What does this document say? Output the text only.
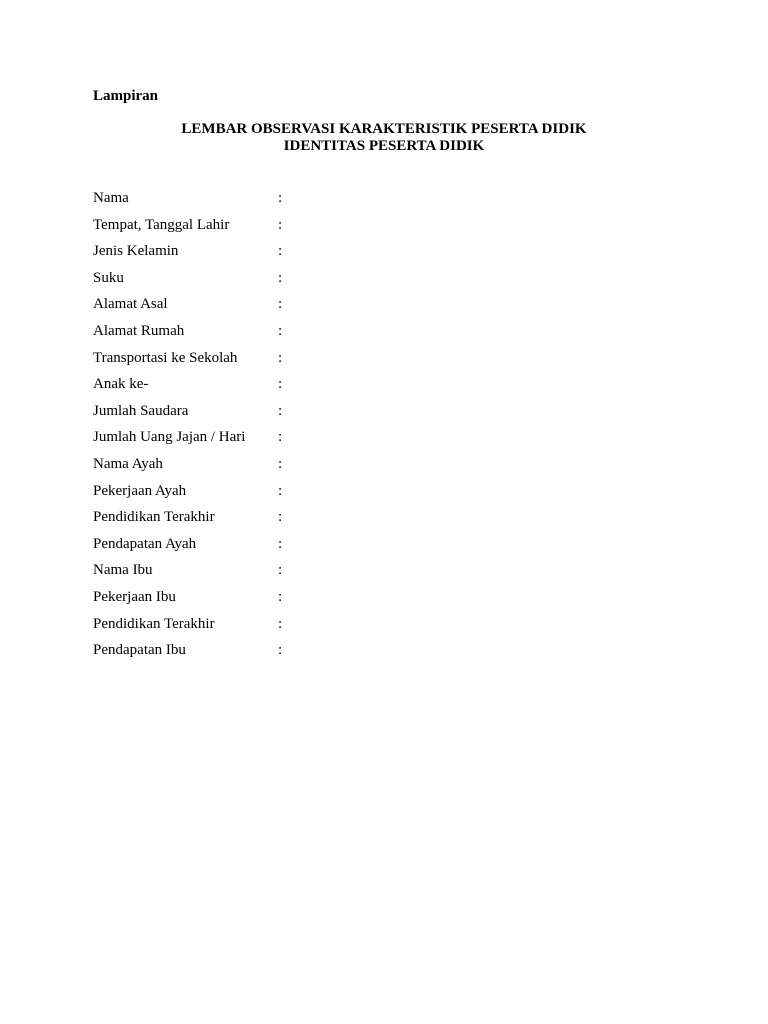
Lampiran
LEMBAR OBSERVASI KARAKTERISTIK PESERTA DIDIK
IDENTITAS PESERTA DIDIK
Nama	:
Tempat, Tanggal Lahir	:
Jenis Kelamin	:
Suku	:
Alamat Asal	:
Alamat Rumah	:
Transportasi ke Sekolah	:
Anak ke-	:
Jumlah Saudara	:
Jumlah Uang Jajan / Hari :
Nama Ayah	:
Pekerjaan Ayah	:
Pendidikan Terakhir	:
Pendapatan Ayah	:
Nama Ibu	:
Pekerjaan Ibu	:
Pendidikan Terakhir	:
Pendapatan Ibu	:
